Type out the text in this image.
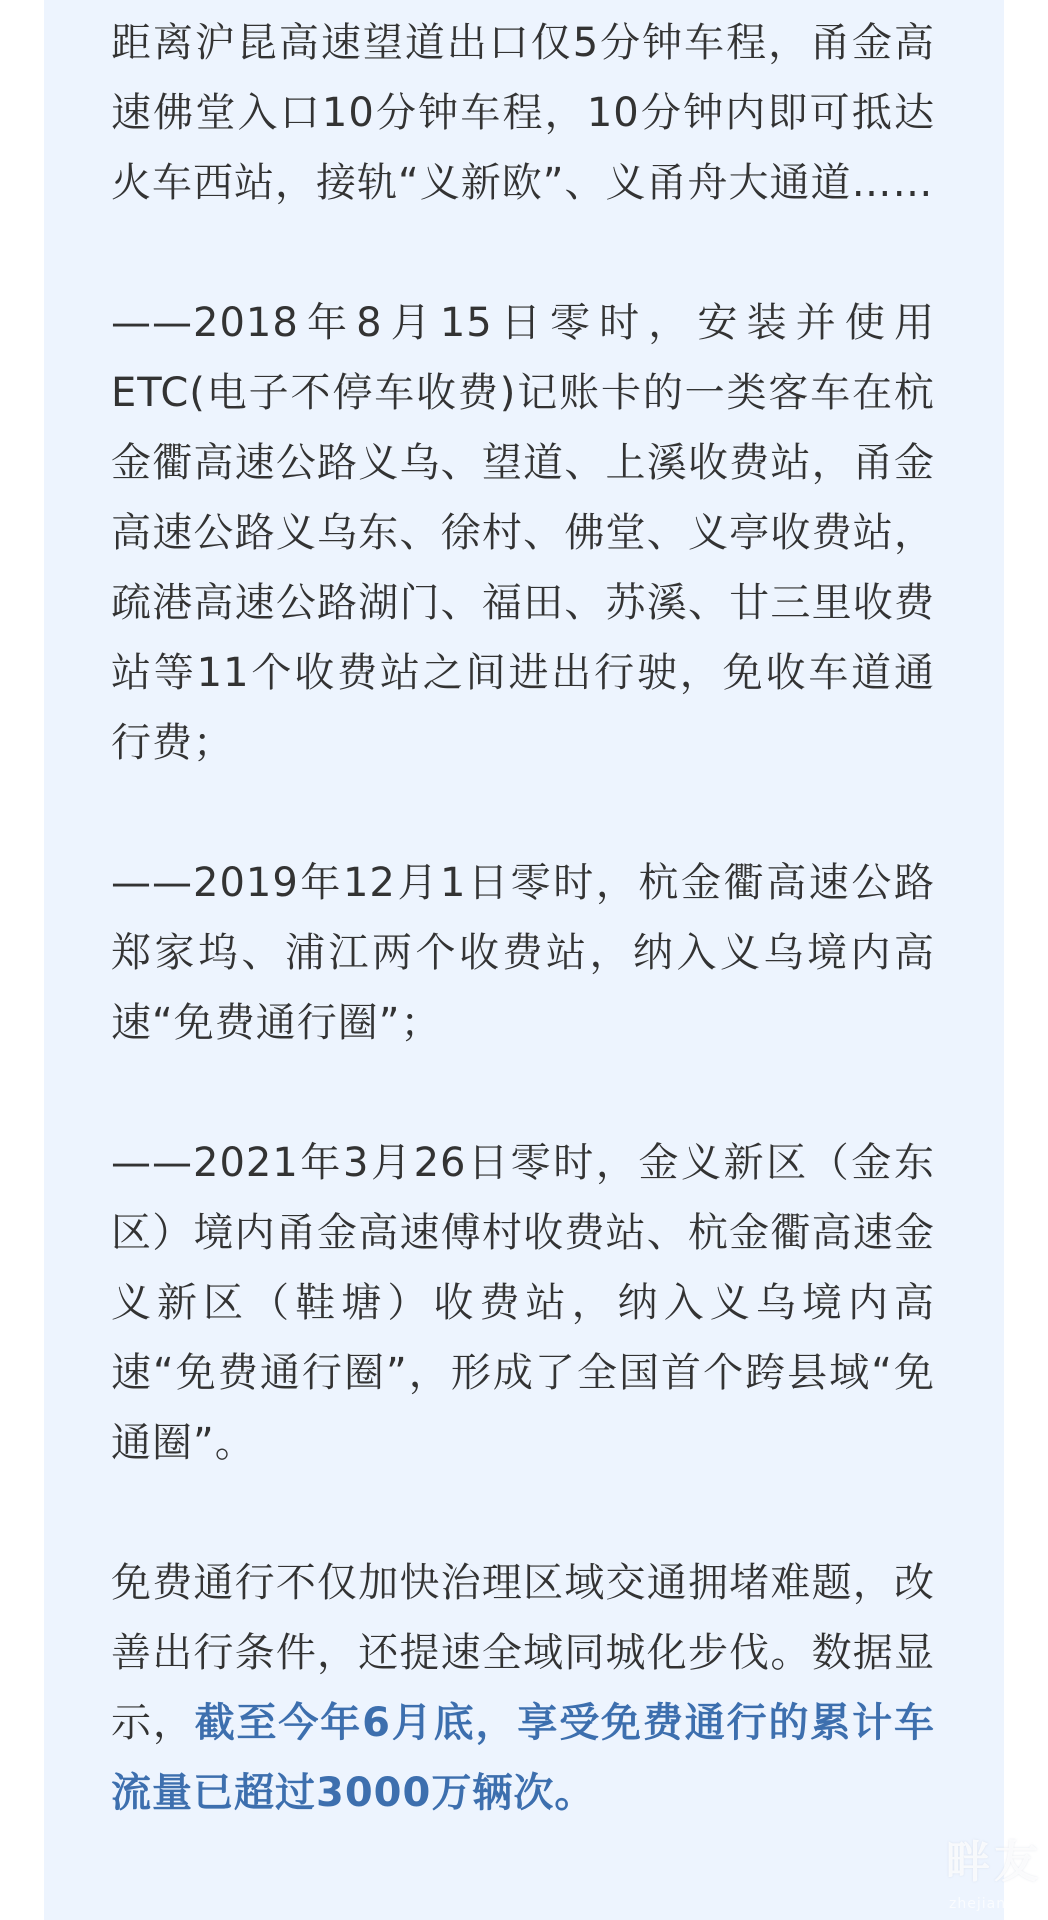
距离沪昆高速望道出口仅5分钟车程，甬金高速佛堂入口10分钟车程，10分钟内即可抵达火车西站，接轨“义新欧”、义甬舟大通道……

——2018年8月15日零时，安装并使用ETC(电子不停车收费)记账卡的一类客车在杭金衢高速公路义乌、望道、上溪收费站，甬金高速公路义乌东、徐村、佛堂、义亭收费站，疏港高速公路湖门、福田、苏溪、廿三里收费站等11个收费站之间进出行驶，免收车道通行费；

——2019年12月1日零时，杭金衢高速公路郑家坞、浦江两个收费站，纳入义乌境内高速“免费通行圈”；

——2021年3月26日零时，金义新区（金东区）境内甬金高速傅村收费站、杭金衢高速金义新区（鞋塘）收费站，纳入义乌境内高速“免费通行圈”，形成了全国首个跨县域“免通圈”。

免费通行不仅加快治理区域交通拥堵难题，改善出行条件，还提速全域同城化步伐。数据显示，截至今年6月底，享受免费通行的累计车流量已超过3000万辆次。

畔友
zhejiang.cn
